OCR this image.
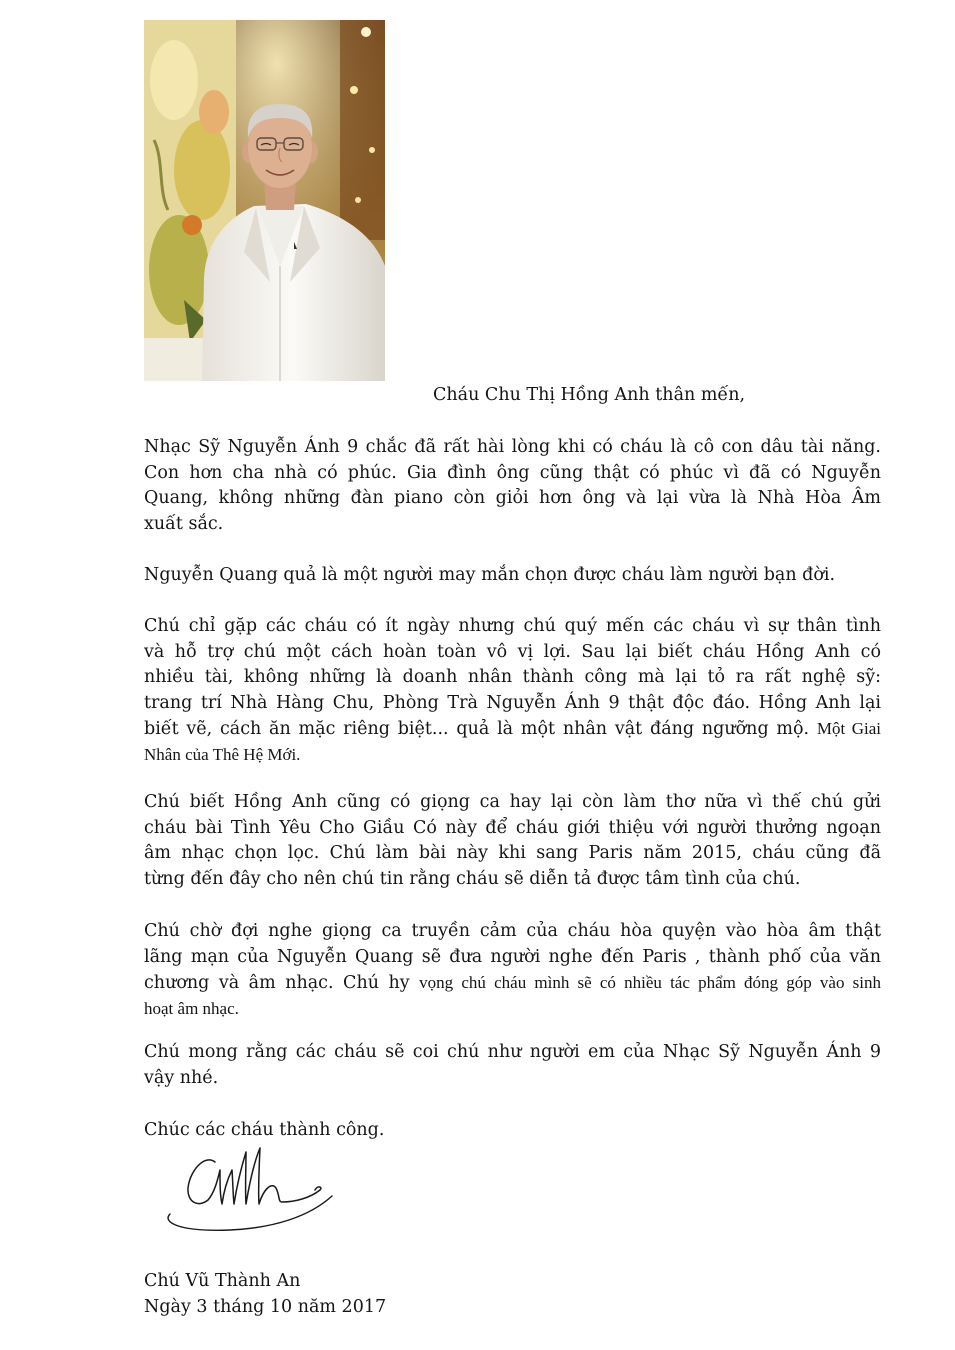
Cháu Chu Thị Hồng Anh thân mến,
Nhạc Sỹ Nguyễn Ánh 9 chắc đã rất hài lòng khi có cháu là cô con dâu tài năng.
Con hơn cha nhà có phúc. Gia đình ông cũng thật có phúc vì đã có Nguyễn
Quang, không những đàn piano còn giỏi hơn ông và lại vừa là Nhà Hòa Âm
xuất sắc.
Nguyễn Quang quả là một người may mắn chọn được cháu làm người bạn đời.
Chú chỉ gặp các cháu có ít ngày nhưng chú quý mến các cháu vì sự thân tình
và hỗ trợ chú một cách hoàn toàn vô vị lợi. Sau lại biết cháu Hồng Anh có
nhiều tài, không những là doanh nhân thành công mà lại tỏ ra rất nghệ sỹ:
trang trí Nhà Hàng Chu, Phòng Trà Nguyễn Ánh 9 thật độc đáo. Hồng Anh lại
biết vẽ, cách ăn mặc riêng biệt... quả là một nhân vật đáng ngưỡng mộ. Một Giai
Nhân của Thê Hệ Mới.
Chú biết Hồng Anh cũng có giọng ca hay lại còn làm thơ nữa vì thế chú gửi
cháu bài Tình Yêu Cho Giầu Có này để cháu giới thiệu với người thưởng ngoạn
âm nhạc chọn lọc. Chú làm bài này khi sang Paris năm 2015, cháu cũng đã
từng đến đây cho nên chú tin rằng cháu sẽ diễn tả được tâm tình của chú.
Chú chờ đợi nghe giọng ca truyền cảm của cháu hòa quyện vào hòa âm thật
lãng mạn của Nguyễn Quang sẽ đưa người nghe đến Paris , thành phố của văn
chương và âm nhạc. Chú hy vọng chú cháu mình sẽ có nhiều tác phẩm đóng góp vào sinh
hoạt âm nhạc.
Chú mong rằng các cháu sẽ coi chú như người em của Nhạc Sỹ Nguyễn Ánh 9
vậy nhé.
Chúc các cháu thành công.
Chú Vũ Thành An
Ngày 3 tháng 10 năm 2017
